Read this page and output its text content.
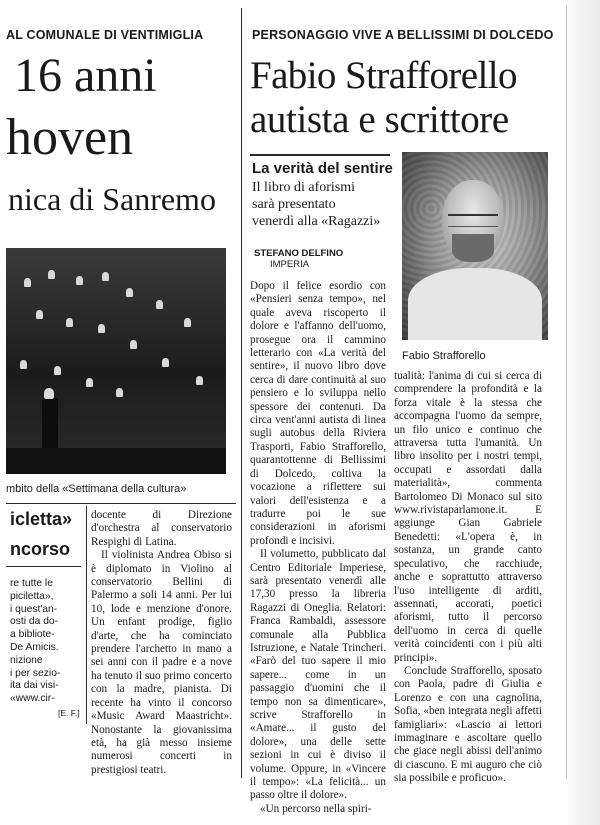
AL COMUNALE DI VENTIMIGLIA
16 anni
hoven
nica di Sanremo
mbito della «Settimana della cultura»
icletta»
ncorso
re tutte le
piciletta»,
i quest'an-
osti da do-
a bibliote-
De Amicis.
nizione
i per sezio-
ita dai visi-
«www.cir-
[E. F.]

docente di Direzione d'orchestra al conservatorio Respighi di Latina.

Il violinista Andrea Obiso si è diplomato in Violino al conservatorio Bellini di Palermo a soli 14 anni. Per lui 10, lode e menzione d'onore. Un enfant prodige, figlio d'arte, che ha cominciato prendere l'archetto in mano a sei anni con il padre e a nove ha tenuto il suo primo concerto con la madre, pianista. Di recente ha vinto il concorso «Music Award Maastricht». Nonostante la giovanissima età, ha già messo insieme numerosi concerti in prestigiosi teatri.

PERSONAGGIO VIVE A BELLISSIMI DI DOLCEDO
Fabio Strafforello
autista e scrittore
La verità del sentire
Il libro di aforismi
sarà presentato
venerdì alla «Ragazzi»
STEFANO DELFINO
IMPERIA
Fabio Strafforello

Dopo il felice esordio con «Pensieri senza tempo», nel quale aveva riscoperto il dolore e l'affanno dell'uomo, prosegue ora il cammino letterario con «La verità del sentire», il nuovo libro dove cerca di dare continuità al suo pensiero e lo sviluppa nello spessore dei contenuti. Da circa vent'anni autista di linea sugli autobus della Riviera Trasporti, Fabio Strafforello, quarantottenne di Bellissimi di Dolcedo, coltiva la vocazione a riflettere sui valori dell'esistenza e a tradurre poi le sue considerazioni in aforismi profondi e incisivi.

Il volumetto, pubblicato dal Centro Editoriale Imperiese, sarà presentato venerdì alle 17,30 presso la libreria Ragazzi di Oneglia. Relatori: Franca Rambaldi, assessore comunale alla Pubblica Istruzione, e Natale Trincheri. «Farò del tuo sapere il mio sapere... come in un passaggio d'uomini che il tempo non sa dimenticare», scrive Strafforello in «Amare... il gusto del dolore», una delle sette sezioni in cui è diviso il volume. Oppure, in «Vincere il tempo»: «La felicità... un passo oltre il dolore».

«Un percorso nella spiri-

tualità: l'anima di cui si cerca di comprendere la profondità e la forza vitale è la stessa che accompagna l'uomo da sempre, un filo unico e continuo che attraversa tutta l'umanità. Un libro insolito per i nostri tempi, occupati e assordati dalla materialità», commenta Bartolomeo Di Monaco sul sito www.rivistaparlamone.it. E aggiunge Gian Gabriele Benedetti: «L'opera è, in sostanza, un grande canto speculativo, che racchiude, anche e soprattutto attraverso l'uso intelligente di arditi, assennati, accorati, poetici aforismi, tutto il percorso dell'uomo in cerca di quelle verità coincidenti con i più alti principi».

Conclude Strafforello, sposato con Paola, padre di Giulia e Lorenzo e con una cagnolina, Sofia, «ben integrata negli affetti famigliari»: «Lascio ai lettori immaginare e ascoltare quello che giace negli abissi dell'animo di ciascuno. E mi auguro che ciò sia possibile e proficuo».
